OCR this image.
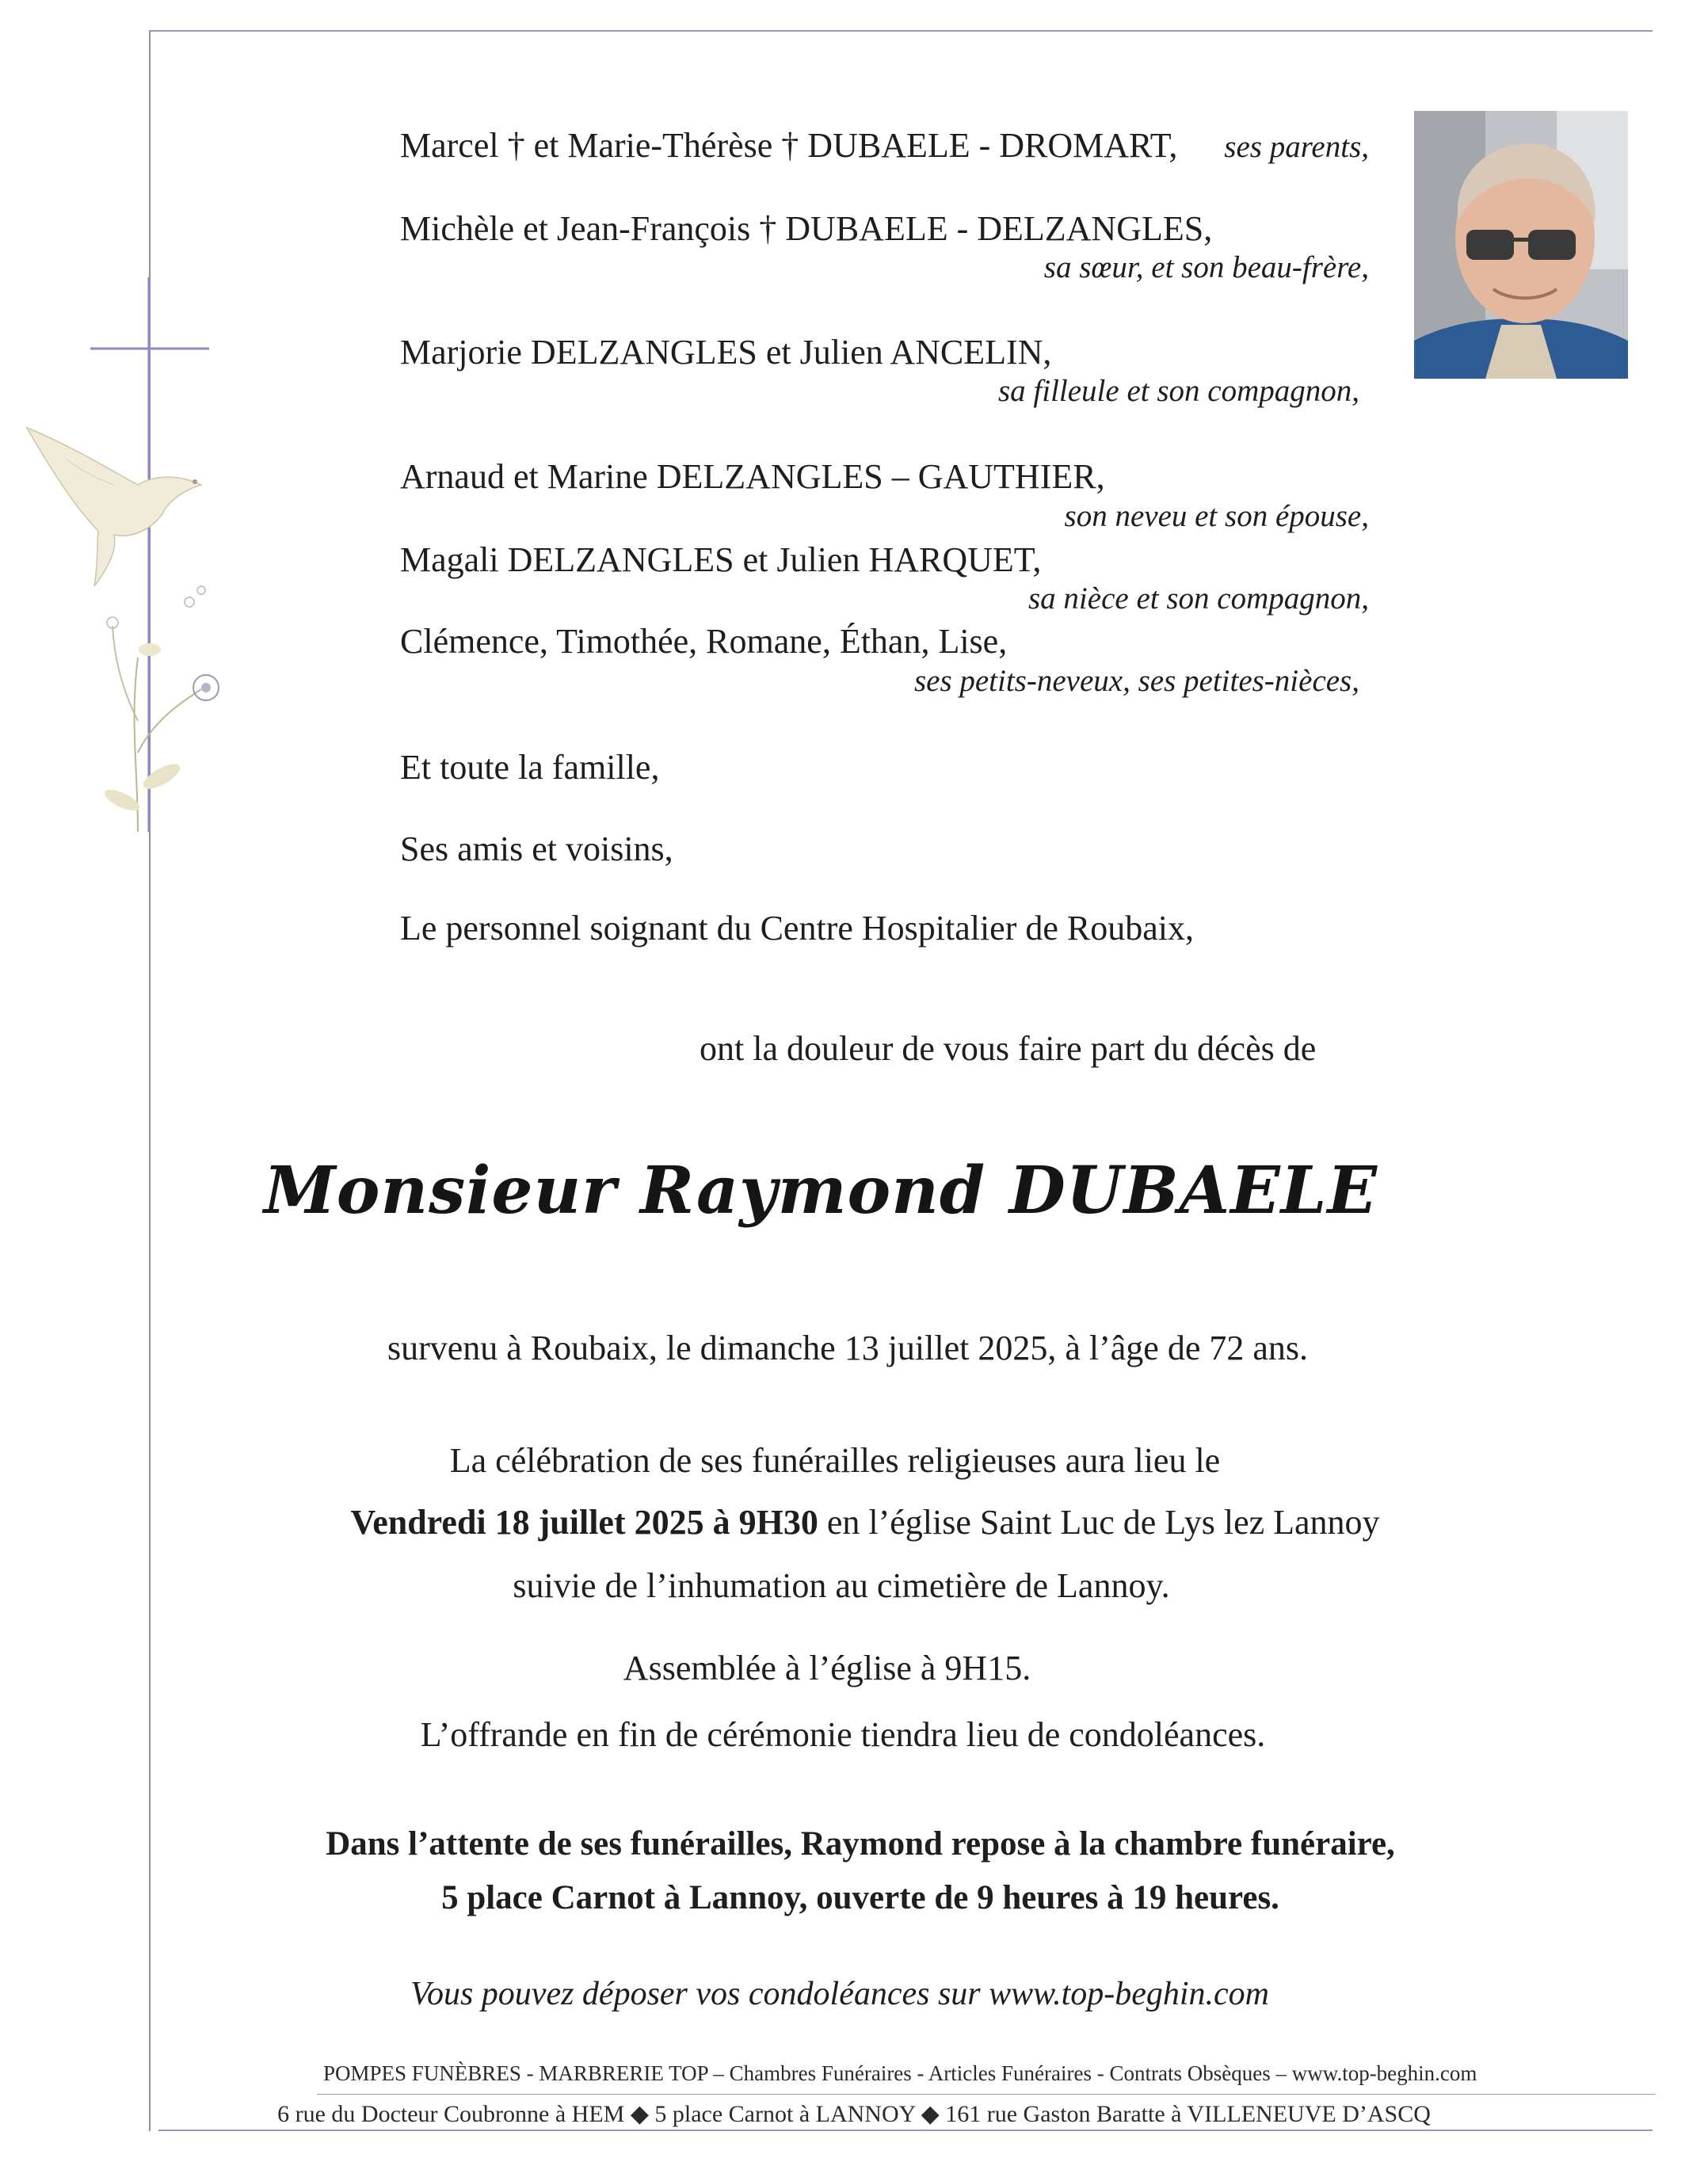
Marcel † et Marie-Thérèse † DUBAELE - DROMART, ses parents,
Michèle et Jean-François † DUBAELE - DELZANGLES,
sa sœur, et son beau-frère,
Marjorie DELZANGLES et Julien ANCELIN,
sa filleule et son compagnon,
Arnaud et Marine DELZANGLES – GAUTHIER,
son neveu et son épouse,
Magali DELZANGLES et Julien HARQUET,
sa nièce et son compagnon,
Clémence, Timothée, Romane, Éthan, Lise,
ses petits-neveux, ses petites-nièces,
Et toute la famille,
Ses amis et voisins,
Le personnel soignant du Centre Hospitalier de Roubaix,
ont la douleur de vous faire part du décès de
Monsieur Raymond DUBAELE
survenu à Roubaix, le dimanche 13 juillet 2025, à l’âge de 72 ans.
La célébration de ses funérailles religieuses aura lieu le
Vendredi 18 juillet 2025 à 9H30 en l’église Saint Luc de Lys lez Lannoy
suivie de l’inhumation au cimetière de Lannoy.
Assemblée à l’église à 9H15.
L’offrande en fin de cérémonie tiendra lieu de condoléances.
Dans l’attente de ses funérailles, Raymond repose à la chambre funéraire,
5 place Carnot à Lannoy, ouverte de 9 heures à 19 heures.
Vous pouvez déposer vos condoléances sur www.top-beghin.com
POMPES FUNÈBRES - MARBRERIE TOP – Chambres Funéraires - Articles Funéraires - Contrats Obsèques – www.top-beghin.com
6 rue du Docteur Coubronne à HEM ◆ 5 place Carnot à LANNOY ◆ 161 rue Gaston Baratte à VILLENEUVE D’ASCQ
